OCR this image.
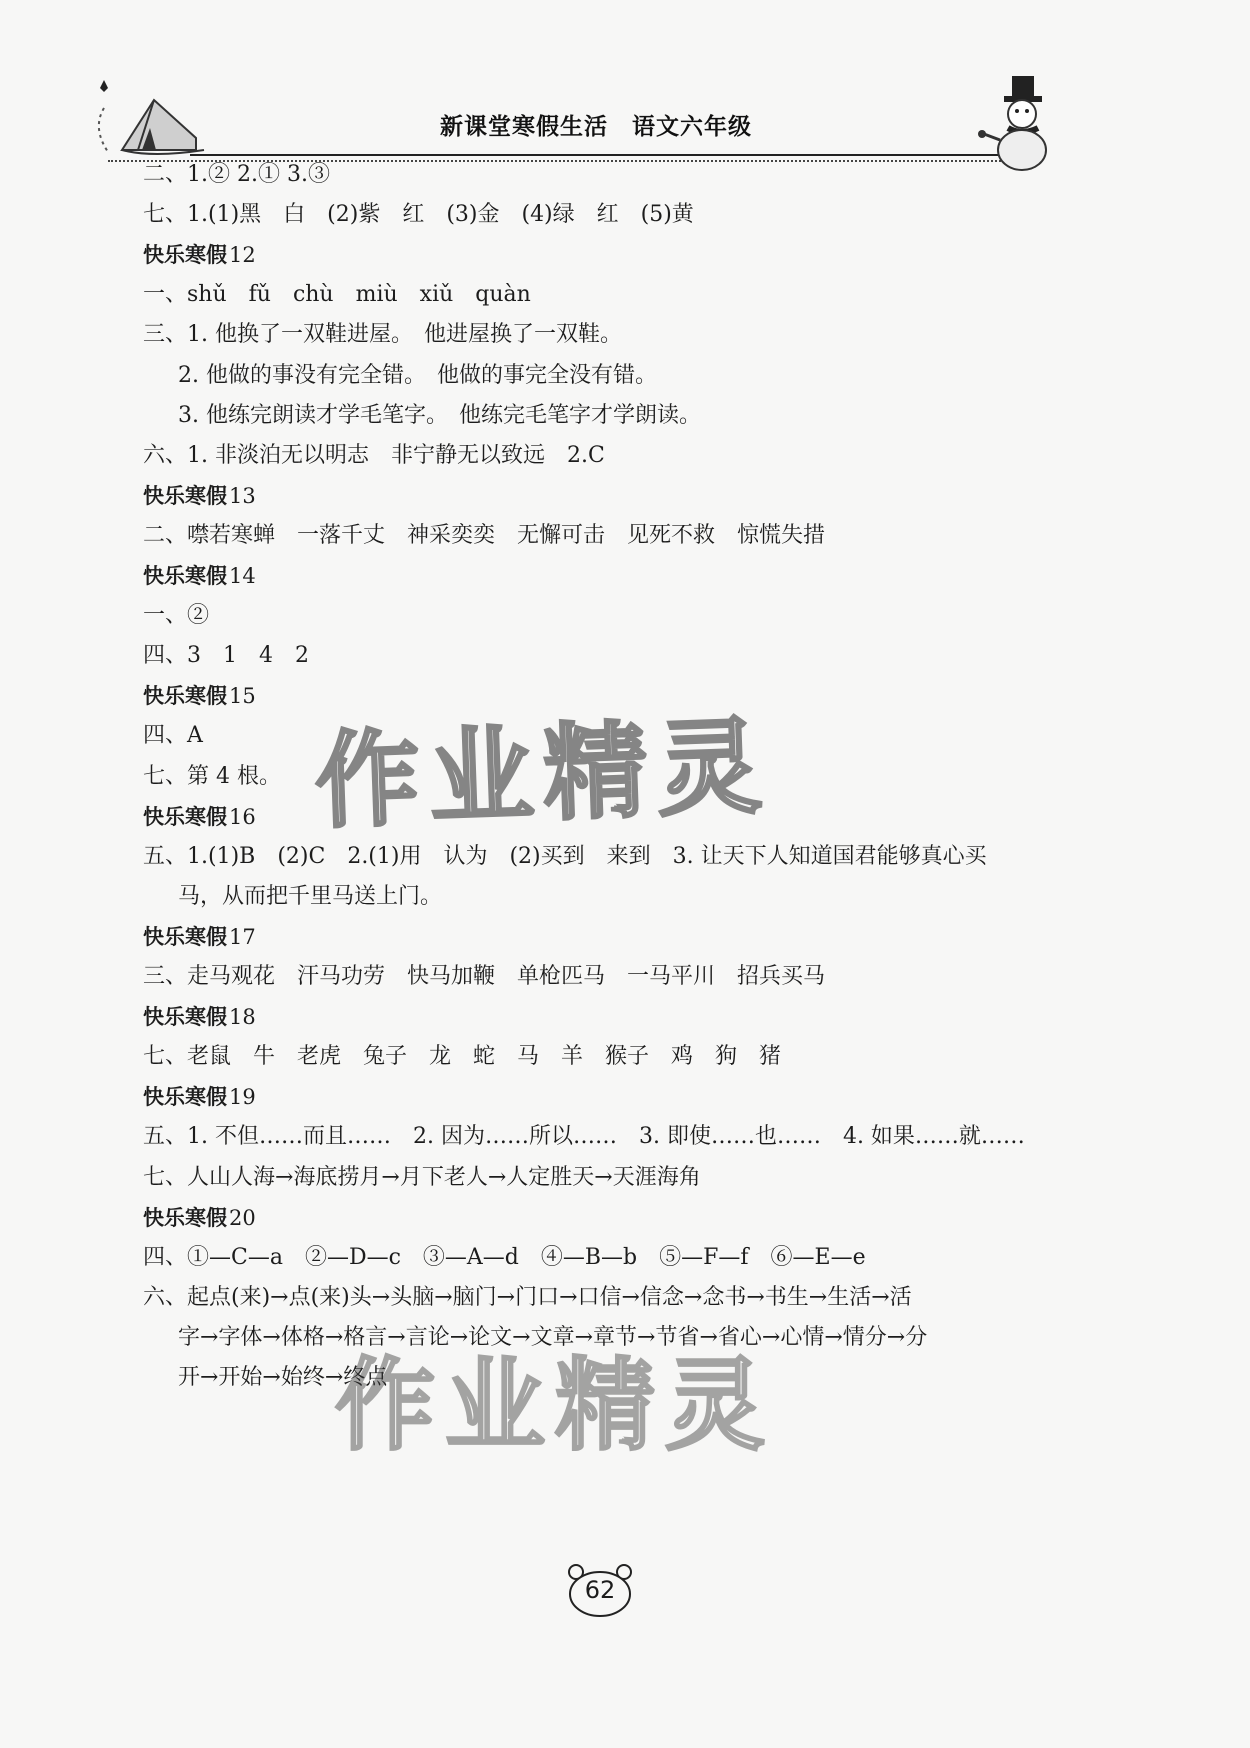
新课堂寒假生活 语文六年级
二、1.② 2.① 3.③
七、1.(1)黑　白　(2)紫　红　(3)金　(4)绿　红　(5)黄
快乐寒假12
一、shǔ　fǔ　chù　miù　xiǔ　quàn
三、1. 他换了一双鞋进屋。　他进屋换了一双鞋。
2. 他做的事没有完全错。　他做的事完全没有错。
3. 他练完朗读才学毛笔字。　他练完毛笔字才学朗读。
六、1. 非淡泊无以明志　非宁静无以致远　2.C
快乐寒假13
二、噤若寒蝉　一落千丈　神采奕奕　无懈可击　见死不救　惊慌失措
快乐寒假14
一、②
四、3　1　4　2
快乐寒假15
四、A
七、第 4 根。
快乐寒假16
五、1.(1)B　(2)C　2.(1)用　认为　(2)买到　来到　3. 让天下人知道国君能够真心买
马，从而把千里马送上门。
快乐寒假17
三、走马观花　汗马功劳　快马加鞭　单枪匹马　一马平川　招兵买马
快乐寒假18
七、老鼠　牛　老虎　兔子　龙　蛇　马　羊　猴子　鸡　狗　猪
快乐寒假19
五、1. 不但……而且……　2. 因为……所以……　3. 即使……也……　4. 如果……就……
七、人山人海→海底捞月→月下老人→人定胜天→天涯海角
快乐寒假20
四、①—C—a　②—D—c　③—A—d　④—B—b　⑤—F—f　⑥—E—e
六、起点(来)→点(来)头→头脑→脑门→门口→口信→信念→念书→书生→生活→活
字→字体→体格→格言→言论→论文→文章→章节→节省→省心→心情→情分→分
开→开始→始终→终点
作业精灵
作业精灵
62
